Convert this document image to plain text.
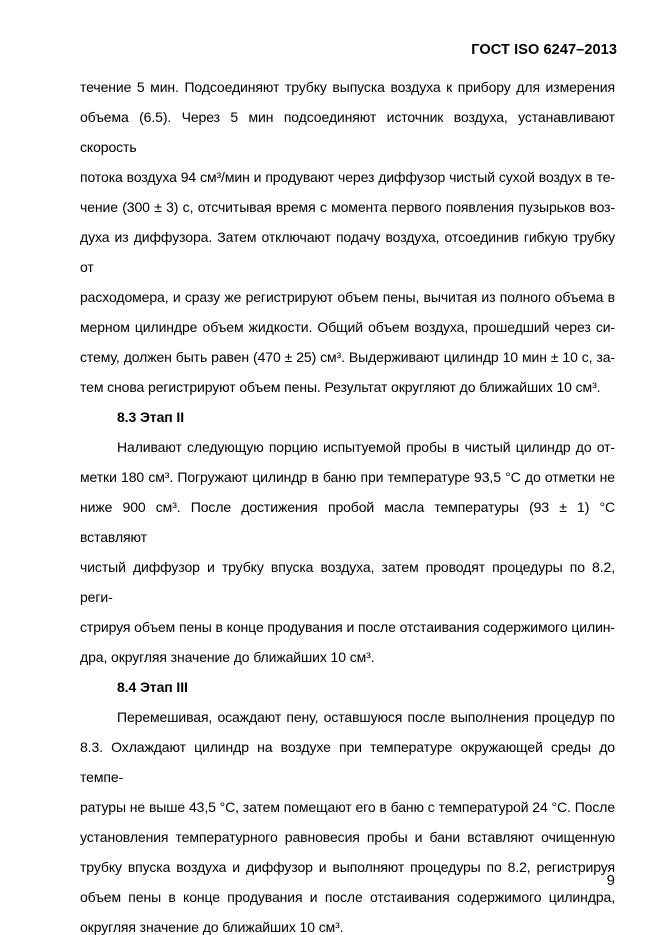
ГОСТ ISO 6247–2013
течение 5 мин. Подсоединяют трубку выпуска воздуха к прибору для измерения
объема (6.5). Через 5 мин подсоединяют источник воздуха, устанавливают скорость
потока воздуха 94 см³/мин и продувают через диффузор чистый сухой воздух в те-
чение (300 ± 3) с, отсчитывая время с момента первого появления пузырьков воз-
духа из диффузора. Затем отключают подачу воздуха, отсоединив гибкую трубку от
расходомера, и сразу же регистрируют объем пены, вычитая из полного объема в
мерном цилиндре объем жидкости. Общий объем воздуха, прошедший через си-
стему, должен быть равен (470 ± 25) см³. Выдерживают цилиндр 10 мин ± 10 с, за-
тем снова регистрируют объем пены. Результат округляют до ближайших 10 см³.
8.3 Этап II
Наливают следующую порцию испытуемой пробы в чистый цилиндр до от-
метки 180 см³. Погружают цилиндр в баню при температуре 93,5 °С до отметки не
ниже 900 см³. После достижения пробой масла температуры (93 ± 1) °С вставляют
чистый диффузор и трубку впуска воздуха, затем проводят процедуры по 8.2, реги-
стрируя объем пены в конце продувания и после отстаивания содержимого цилин-
дра, округляя значение до ближайших 10 см³.
8.4 Этап III
Перемешивая, осаждают пену, оставшуюся после выполнения процедур по
8.3. Охлаждают цилиндр на воздухе при температуре окружающей среды до темпе-
ратуры не выше 43,5 °С, затем помещают его в баню с температурой 24 °С. После
установления температурного равновесия пробы и бани вставляют очищенную
трубку впуска воздуха и диффузор и выполняют процедуры по 8.2, регистрируя
объем пены в конце продувания и после отстаивания содержимого цилиндра,
округляя значение до ближайших 10 см³.
9
